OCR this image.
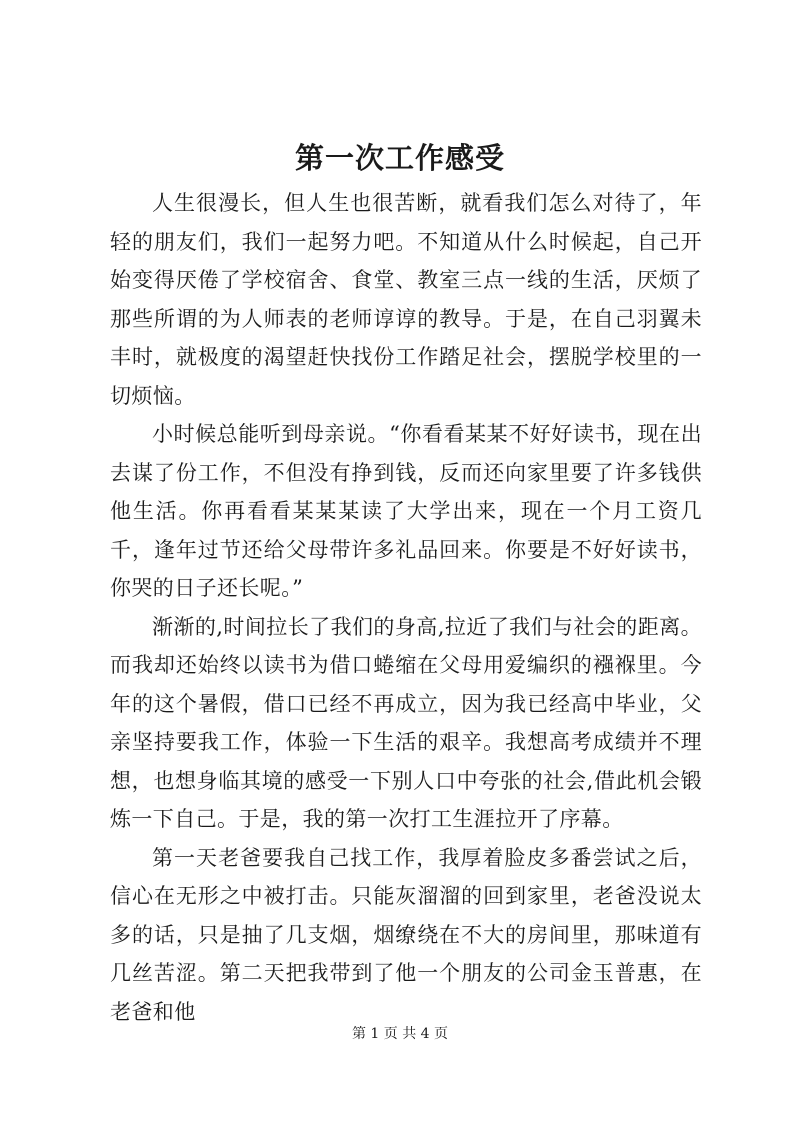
第一次工作感受

人生很漫长，但人生也很苦断，就看我们怎么对待了，年轻的朋友们，我们一起努力吧。不知道从什么时候起，自己开始变得厌倦了学校宿舍、食堂、教室三点一线的生活，厌烦了那些所谓的为人师表的老师谆谆的教导。于是，在自己羽翼未丰时，就极度的渴望赶快找份工作踏足社会，摆脱学校里的一切烦恼。

小时候总能听到母亲说。“你看看某某不好好读书，现在出去谋了份工作，不但没有挣到钱，反而还向家里要了许多钱供他生活。你再看看某某某读了大学出来，现在一个月工资几千，逢年过节还给父母带许多礼品回来。你要是不好好读书，你哭的日子还长呢。”

渐渐的,时间拉长了我们的身高,拉近了我们与社会的距离。而我却还始终以读书为借口蜷缩在父母用爱编织的襁褓里。今年的这个暑假，借口已经不再成立，因为我已经高中毕业，父亲坚持要我工作，体验一下生活的艰辛。我想高考成绩并不理想，也想身临其境的感受一下别人口中夸张的社会,借此机会锻炼一下自己。于是，我的第一次打工生涯拉开了序幕。

第一天老爸要我自己找工作，我厚着脸皮多番尝试之后，信心在无形之中被打击。只能灰溜溜的回到家里，老爸没说太多的话，只是抽了几支烟，烟缭绕在不大的房间里，那味道有几丝苦涩。第二天把我带到了他一个朋友的公司金玉普惠，在老爸和他

第 1 页 共 4 页
